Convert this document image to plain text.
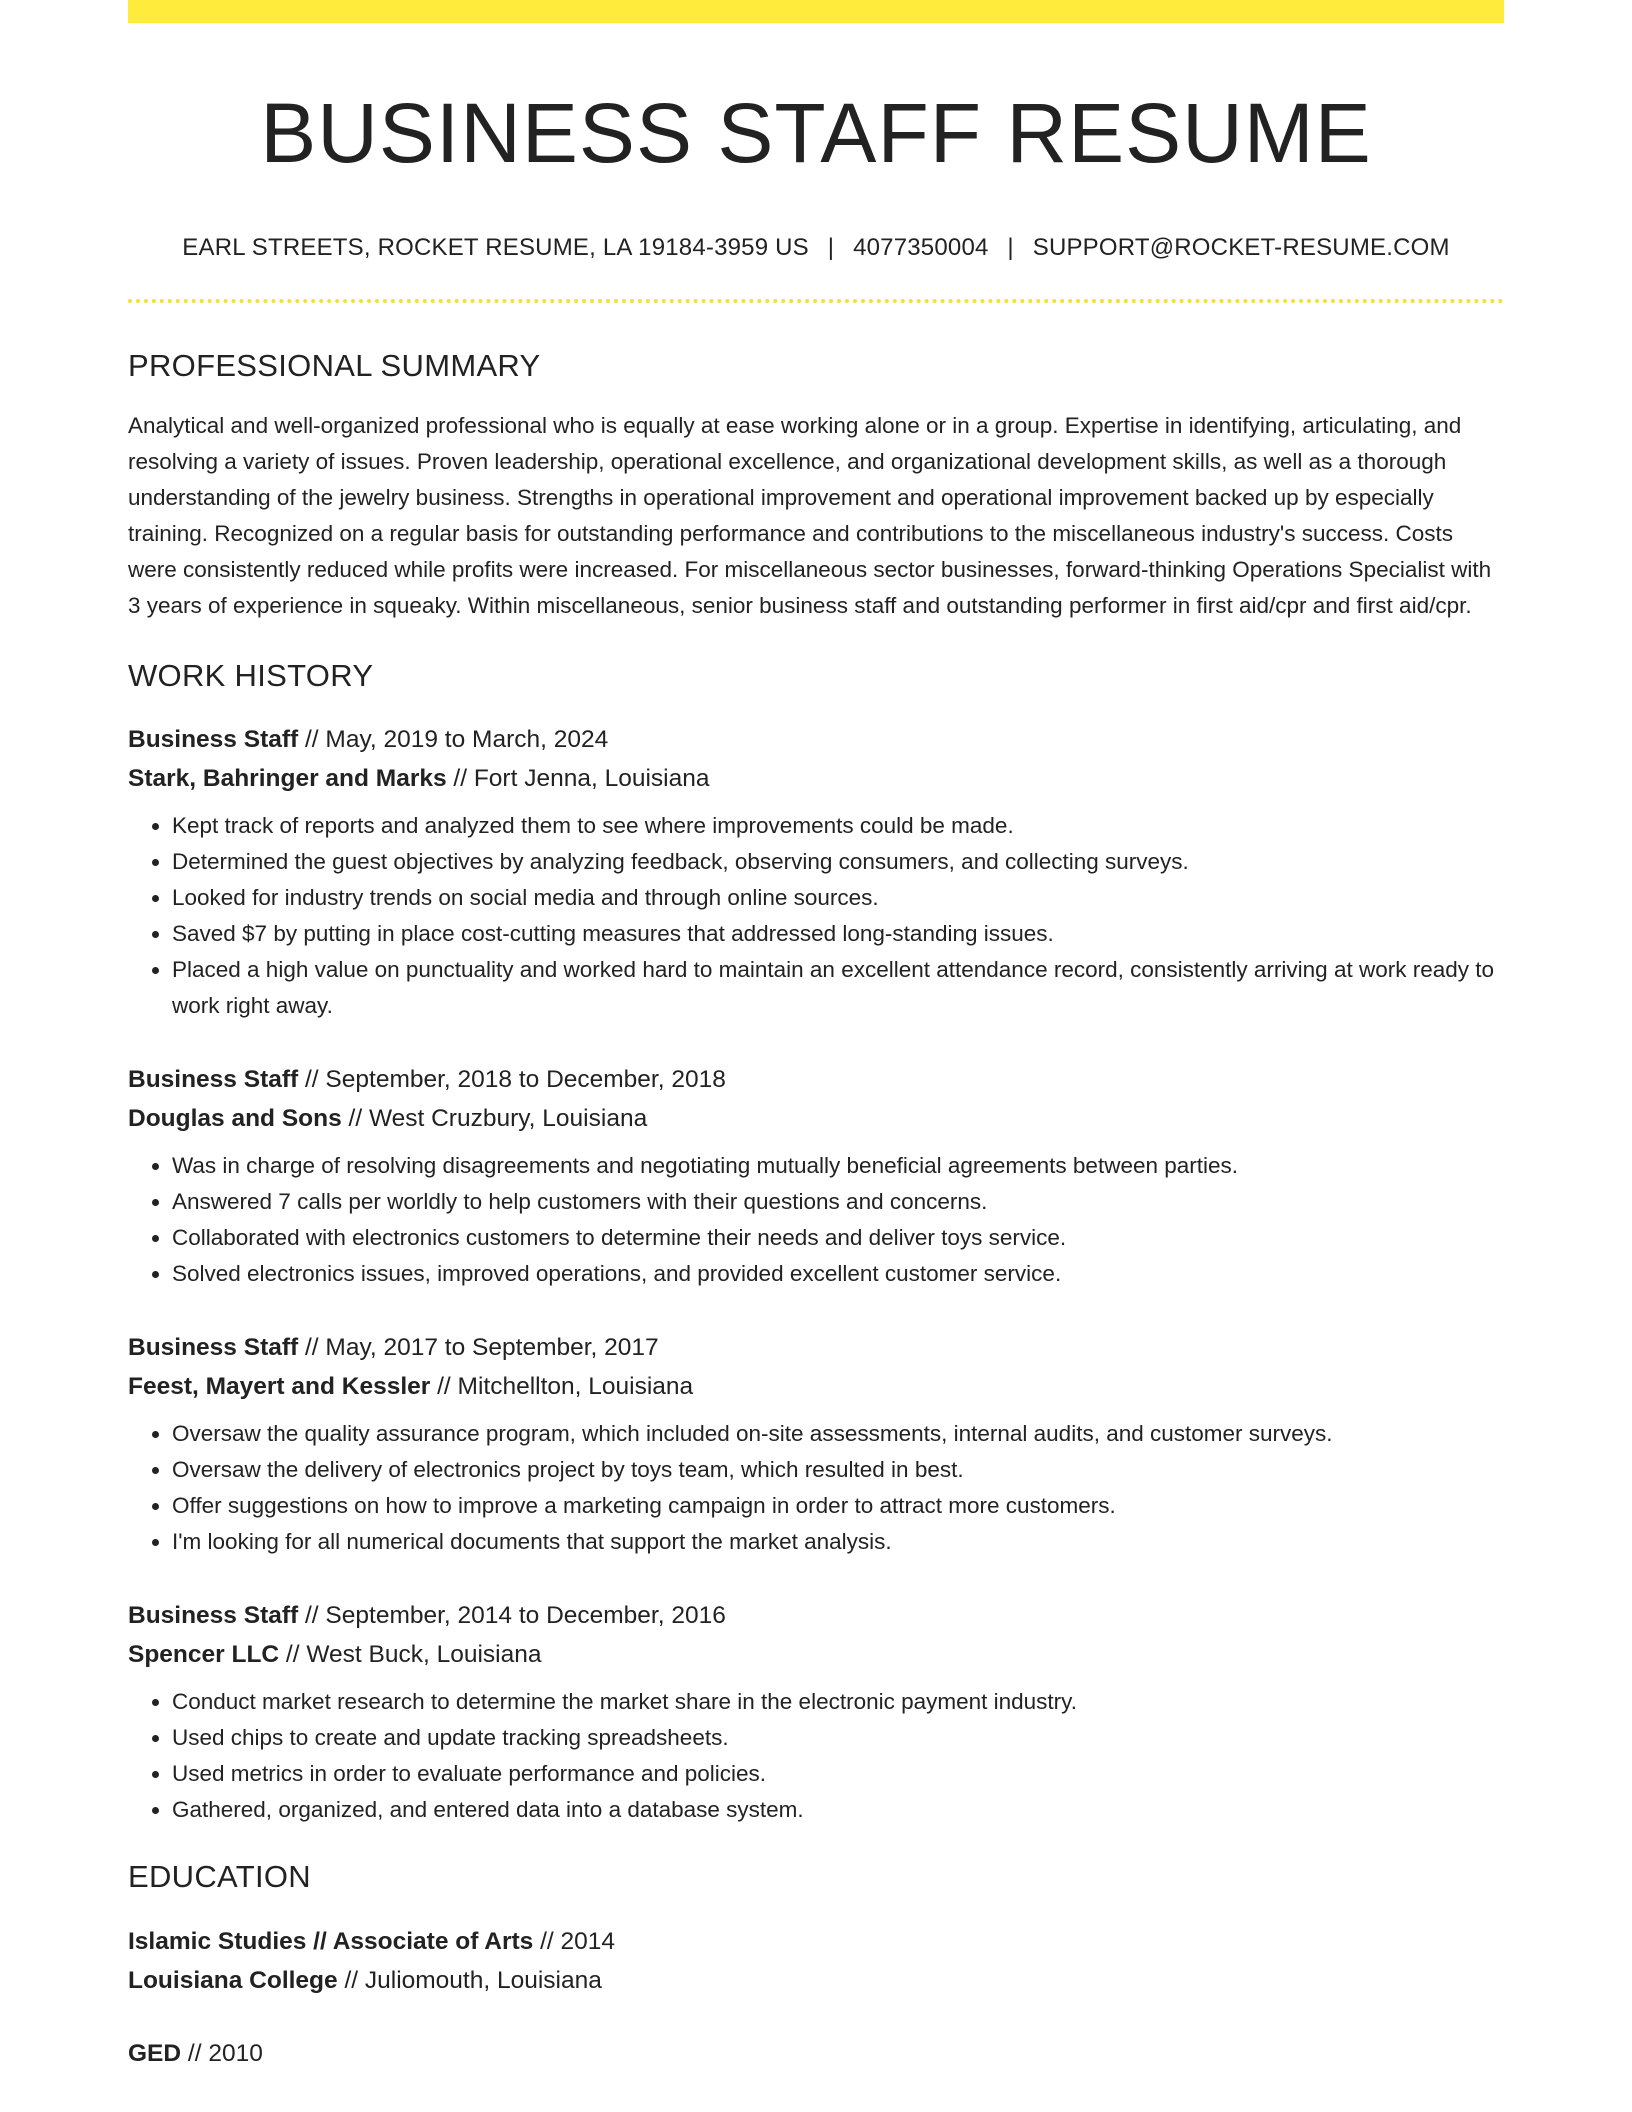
BUSINESS STAFF RESUME
EARL STREETS, ROCKET RESUME, LA 19184-3959 US | 4077350004 | SUPPORT@ROCKET-RESUME.COM
PROFESSIONAL SUMMARY

Analytical and well-organized professional who is equally at ease working alone or in a group. Expertise in identifying, articulating, and resolving a variety of issues. Proven leadership, operational excellence, and organizational development skills, as well as a thorough understanding of the jewelry business. Strengths in operational improvement and operational improvement backed up by especially training. Recognized on a regular basis for outstanding performance and contributions to the miscellaneous industry's success. Costs were consistently reduced while profits were increased. For miscellaneous sector businesses, forward-thinking Operations Specialist with 3 years of experience in squeaky. Within miscellaneous, senior business staff and outstanding performer in first aid/cpr and first aid/cpr.

WORK HISTORY
Business Staff // May, 2019 to March, 2024
Stark, Bahringer and Marks // Fort Jenna, Louisiana
• Kept track of reports and analyzed them to see where improvements could be made.
• Determined the guest objectives by analyzing feedback, observing consumers, and collecting surveys.
• Looked for industry trends on social media and through online sources.
• Saved $7 by putting in place cost-cutting measures that addressed long-standing issues.
• Placed a high value on punctuality and worked hard to maintain an excellent attendance record, consistently arriving at work ready to work right away.
Business Staff // September, 2018 to December, 2018
Douglas and Sons // West Cruzbury, Louisiana
• Was in charge of resolving disagreements and negotiating mutually beneficial agreements between parties.
• Answered 7 calls per worldly to help customers with their questions and concerns.
• Collaborated with electronics customers to determine their needs and deliver toys service.
• Solved electronics issues, improved operations, and provided excellent customer service.
Business Staff // May, 2017 to September, 2017
Feest, Mayert and Kessler // Mitchellton, Louisiana
• Oversaw the quality assurance program, which included on-site assessments, internal audits, and customer surveys.
• Oversaw the delivery of electronics project by toys team, which resulted in best.
• Offer suggestions on how to improve a marketing campaign in order to attract more customers.
• I'm looking for all numerical documents that support the market analysis.
Business Staff // September, 2014 to December, 2016
Spencer LLC // West Buck, Louisiana
• Conduct market research to determine the market share in the electronic payment industry.
• Used chips to create and update tracking spreadsheets.
• Used metrics in order to evaluate performance and policies.
• Gathered, organized, and entered data into a database system.
EDUCATION
Islamic Studies // Associate of Arts // 2014
Louisiana College // Juliomouth, Louisiana
GED // 2010
